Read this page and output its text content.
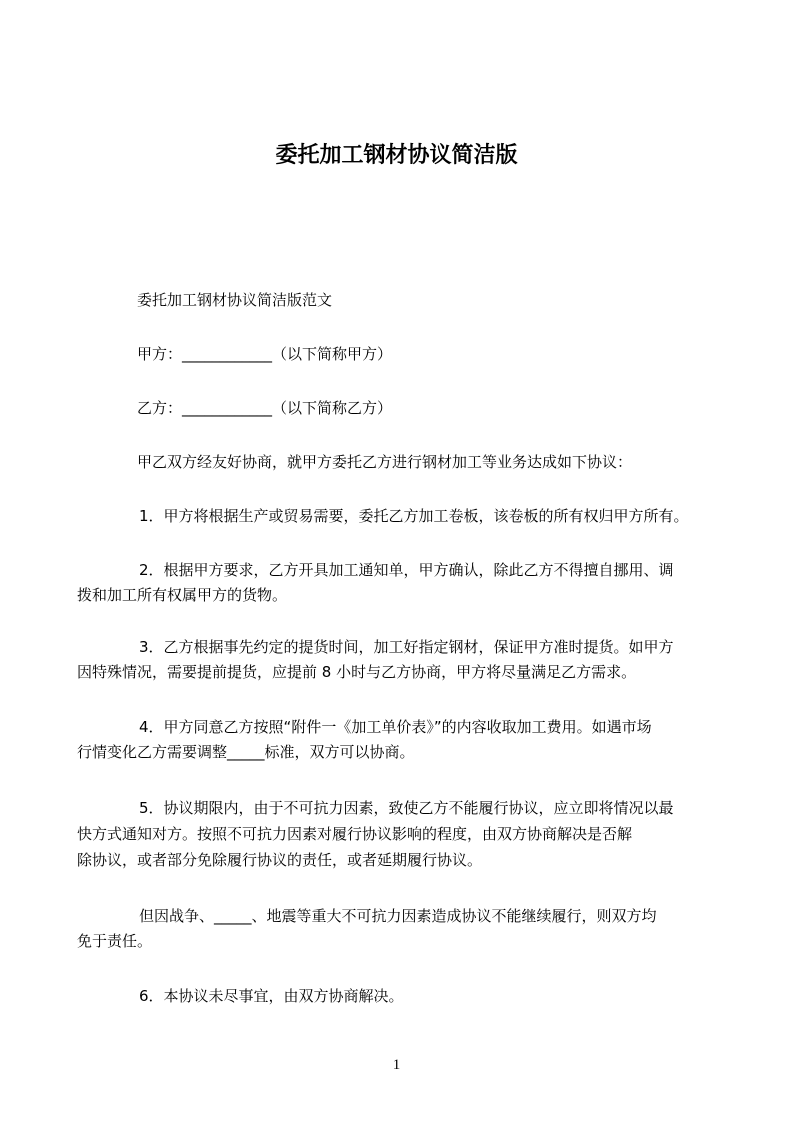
委托加工钢材协议简洁版
委托加工钢材协议简洁版范文
甲方：____________（以下简称甲方）
乙方：____________（以下简称乙方）
甲乙双方经友好协商，就甲方委托乙方进行钢材加工等业务达成如下协议：
1．甲方将根据生产或贸易需要，委托乙方加工卷板，该卷板的所有权归甲方所有。
2．根据甲方要求，乙方开具加工通知单，甲方确认，除此乙方不得擅自挪用、调
拨和加工所有权属甲方的货物。
3．乙方根据事先约定的提货时间，加工好指定钢材，保证甲方准时提货。如甲方
因特殊情况，需要提前提货，应提前 8 小时与乙方协商，甲方将尽量满足乙方需求。
4．甲方同意乙方按照“附件一《加工单价表》”的内容收取加工费用。如遇市场
行情变化乙方需要调整_____标准，双方可以协商。
5．协议期限内，由于不可抗力因素，致使乙方不能履行协议，应立即将情况以最
快方式通知对方。按照不可抗力因素对履行协议影响的程度，由双方协商解决是否解
除协议，或者部分免除履行协议的责任，或者延期履行协议。
但因战争、_____、地震等重大不可抗力因素造成协议不能继续履行，则双方均
免于责任。
6．本协议未尽事宜，由双方协商解决。
1
